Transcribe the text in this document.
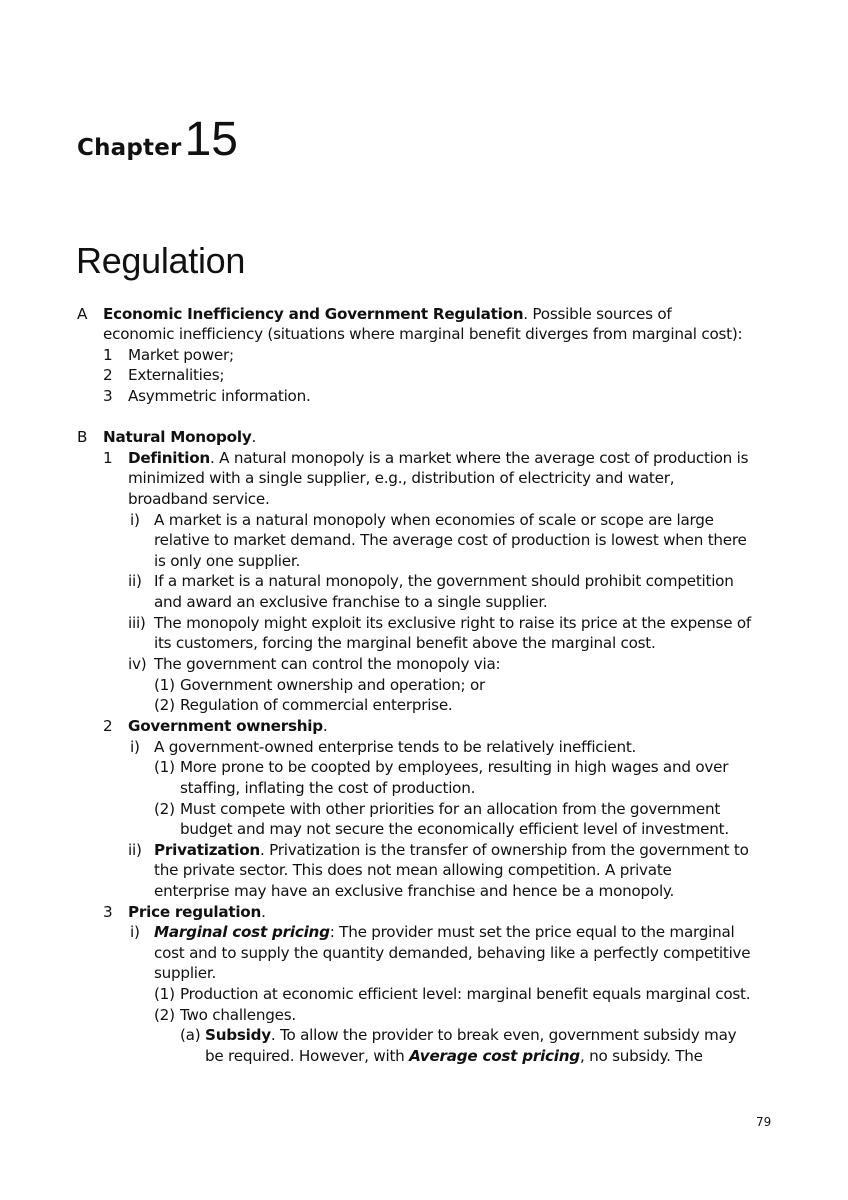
Chapter15
Regulation
A Economic Inefficiency and Government Regulation. Possible sources of
economic inefficiency (situations where marginal benefit diverges from marginal cost):
1 Market power;
2 Externalities;
3 Asymmetric information.
B Natural Monopoly.
1 Definition. A natural monopoly is a market where the average cost of production is
minimized with a single supplier, e.g., distribution of electricity and water,
broadband service.
i) A market is a natural monopoly when economies of scale or scope are large
relative to market demand. The average cost of production is lowest when there
is only one supplier.
ii) If a market is a natural monopoly, the government should prohibit competition
and award an exclusive franchise to a single supplier.
iii) The monopoly might exploit its exclusive right to raise its price at the expense of
its customers, forcing the marginal benefit above the marginal cost.
iv) The government can control the monopoly via:
(1) Government ownership and operation; or
(2) Regulation of commercial enterprise.
2 Government ownership.
i) A government-owned enterprise tends to be relatively inefficient.
(1) More prone to be coopted by employees, resulting in high wages and over
staffing, inflating the cost of production.
(2) Must compete with other priorities for an allocation from the government
budget and may not secure the economically efficient level of investment.
ii) Privatization. Privatization is the transfer of ownership from the government to
the private sector. This does not mean allowing competition. A private
enterprise may have an exclusive franchise and hence be a monopoly.
3 Price regulation.
i) Marginal cost pricing: The provider must set the price equal to the marginal
cost and to supply the quantity demanded, behaving like a perfectly competitive
supplier.
(1) Production at economic efficient level: marginal benefit equals marginal cost.
(2) Two challenges.
(a) Subsidy. To allow the provider to break even, government subsidy may
be required. However, with Average cost pricing, no subsidy. The
79
